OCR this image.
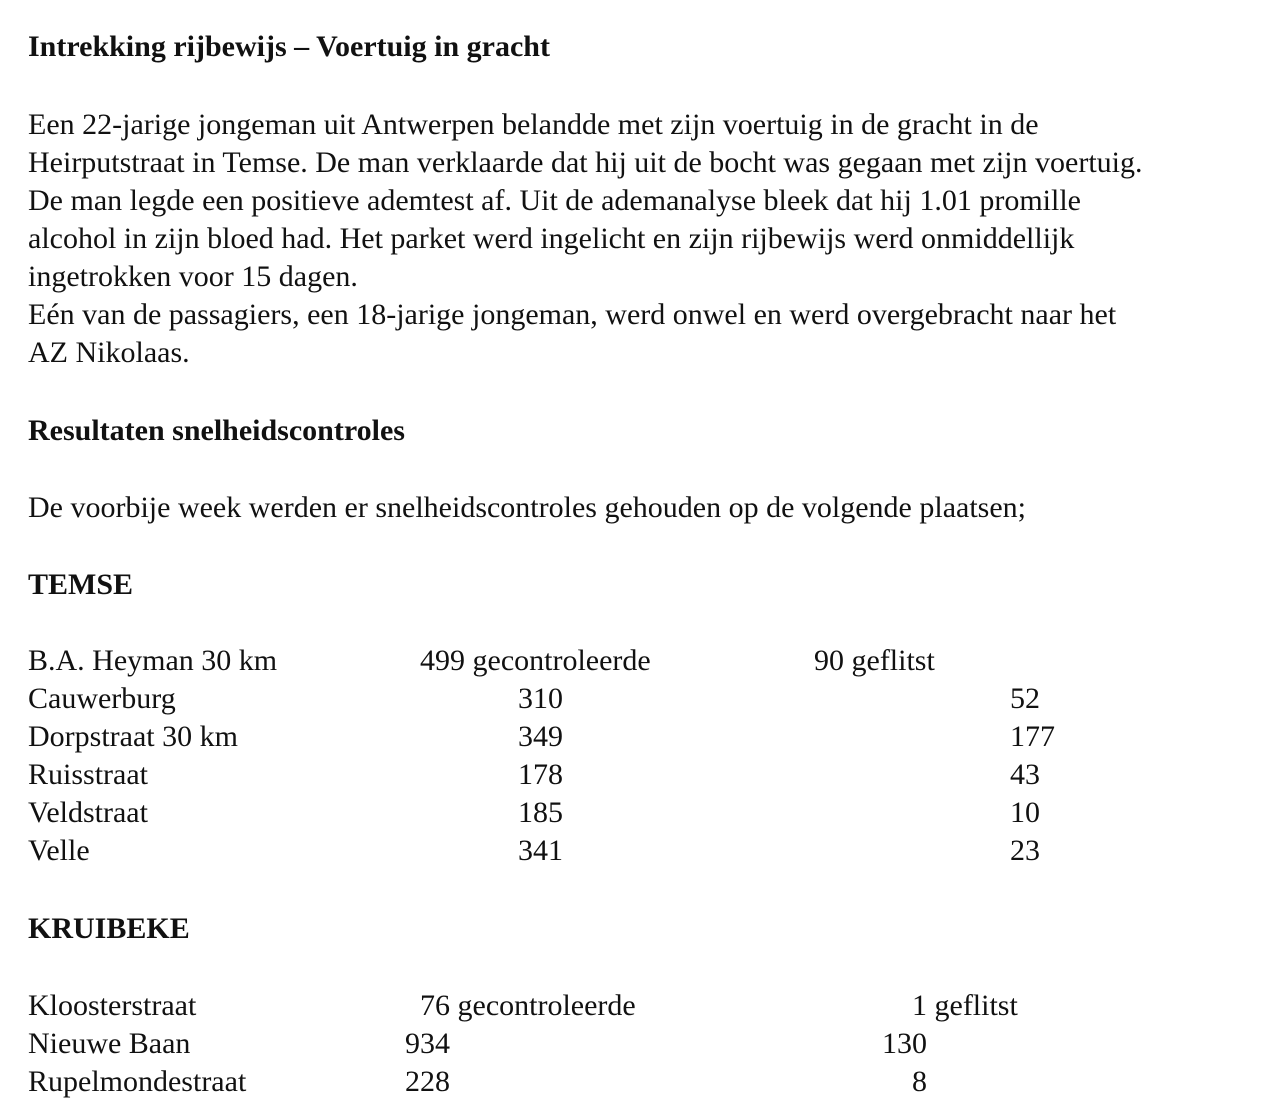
Intrekking rijbewijs – Voertuig in gracht
Een 22-jarige jongeman uit Antwerpen belandde met zijn voertuig in de gracht in de
Heirputstraat in Temse. De man verklaarde dat hij uit de bocht was gegaan met zijn voertuig.
De man legde een positieve ademtest af. Uit de ademanalyse bleek dat hij 1.01 promille
alcohol in zijn bloed had. Het parket werd ingelicht en zijn rijbewijs werd onmiddellijk
ingetrokken voor 15 dagen.
Eén van de passagiers, een 18-jarige jongeman, werd onwel en werd overgebracht naar het
AZ Nikolaas.
Resultaten snelheidscontroles
De voorbije week werden er snelheidscontroles gehouden op de volgende plaatsen;
TEMSE
B.A. Heyman 30 km	499 gecontroleerde	90 geflitst
Cauwerburg	310	52
Dorpstraat 30 km	349	177
Ruisstraat	178	43
Veldstraat	185	10
Velle	341	23
KRUIBEKE
Kloosterstraat	76 gecontroleerde	1 geflitst
Nieuwe Baan	934	130
Rupelmondestraat	228	8
